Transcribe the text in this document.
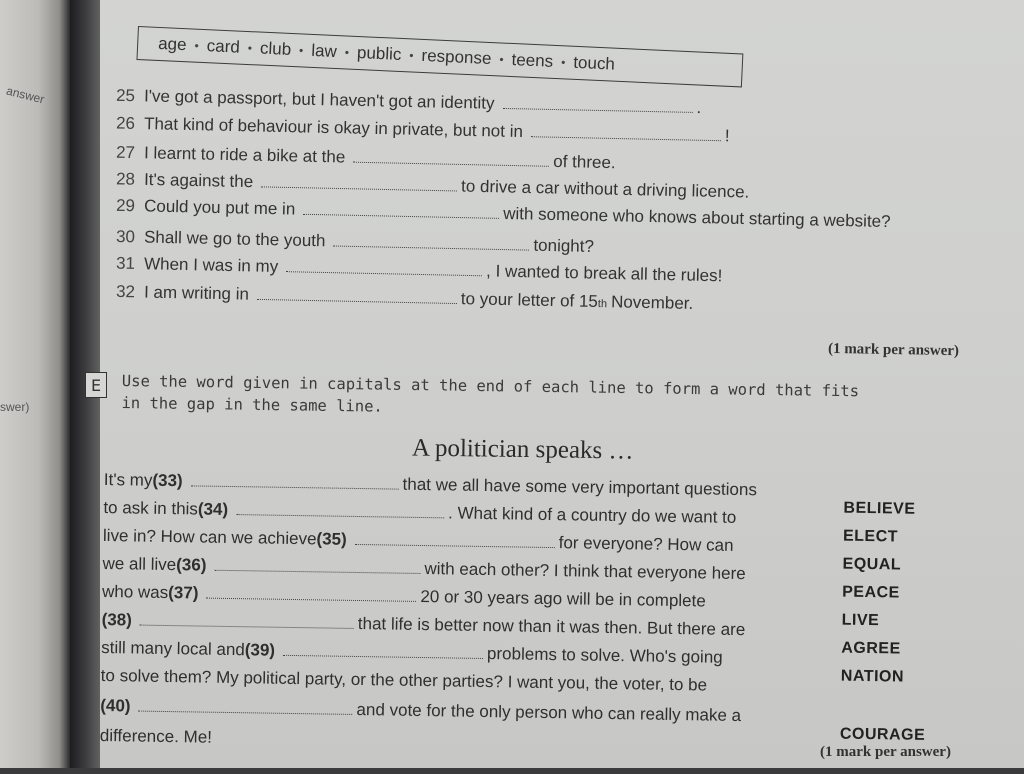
answer
swer)
age • card • club • law • public • response • teens • touch
25 I've got a passport, but I haven't got an identity	.
26 That kind of behaviour is okay in private, but not in	!
27 I learnt to ride a bike at the	of three.
28 It's against the	to drive a car without a driving licence.
29 Could you put me in	with someone who knows about starting a website?
30 Shall we go to the youth	tonight?
31 When I was in my	, I wanted to break all the rules!
32 I am writing in	to your letter of 15 th November.
(1 mark per answer)
E	Use the word given in capitals at the end of each line to form a word that fits in the gap in the same line.
A politician speaks …
It's my (33)	that we all have some very important questions
to ask in this (34)	. What kind of a country do we want to
live in? How can we achieve (35)	for everyone? How can
we all live (36)	with each other? I think that everyone here
who was (37)	20 or 30 years ago will be in complete
(38)	that life is better now than it was then. But there are
still many local and (39)	problems to solve. Who's going
to solve them? My political party, or the other parties? I want you, the voter, to be
(40)	and vote for the only person who can really make a
difference. Me!
BELIEVE
ELECT
EQUAL
PEACE
LIVE
AGREE
NATION
COURAGE
(1 mark per answer)
